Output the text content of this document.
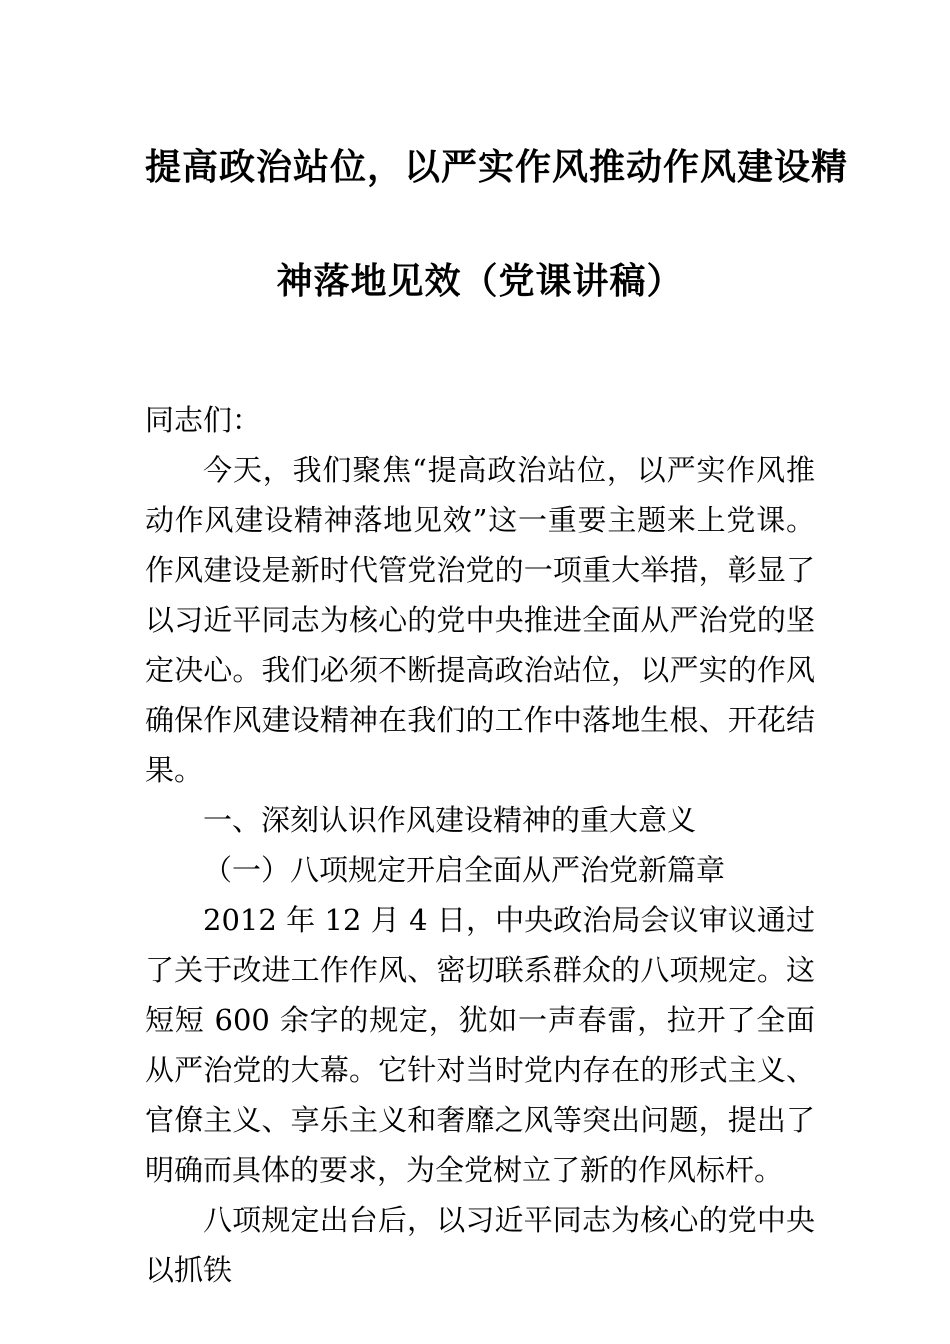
提高政治站位，以严实作风推动作风建设精
神落地见效（党课讲稿）

同志们：

今天，我们聚焦“提高政治站位，以严实作风推动作风建设精神落地见效”这一重要主题来上党课。作风建设是新时代管党治党的一项重大举措，彰显了以习近平同志为核心的党中央推进全面从严治党的坚定决心。我们必须不断提高政治站位，以严实的作风确保作风建设精神在我们的工作中落地生根、开花结果。

一、深刻认识作风建设精神的重大意义

（一）八项规定开启全面从严治党新篇章

2012 年 12 月 4 日，中央政治局会议审议通过了关于改进工作作风、密切联系群众的八项规定。这短短 600 余字的规定，犹如一声春雷，拉开了全面从严治党的大幕。它针对当时党内存在的形式主义、官僚主义、享乐主义和奢靡之风等突出问题，提出了明确而具体的要求，为全党树立了新的作风标杆。

八项规定出台后，以习近平同志为核心的党中央以抓铁
